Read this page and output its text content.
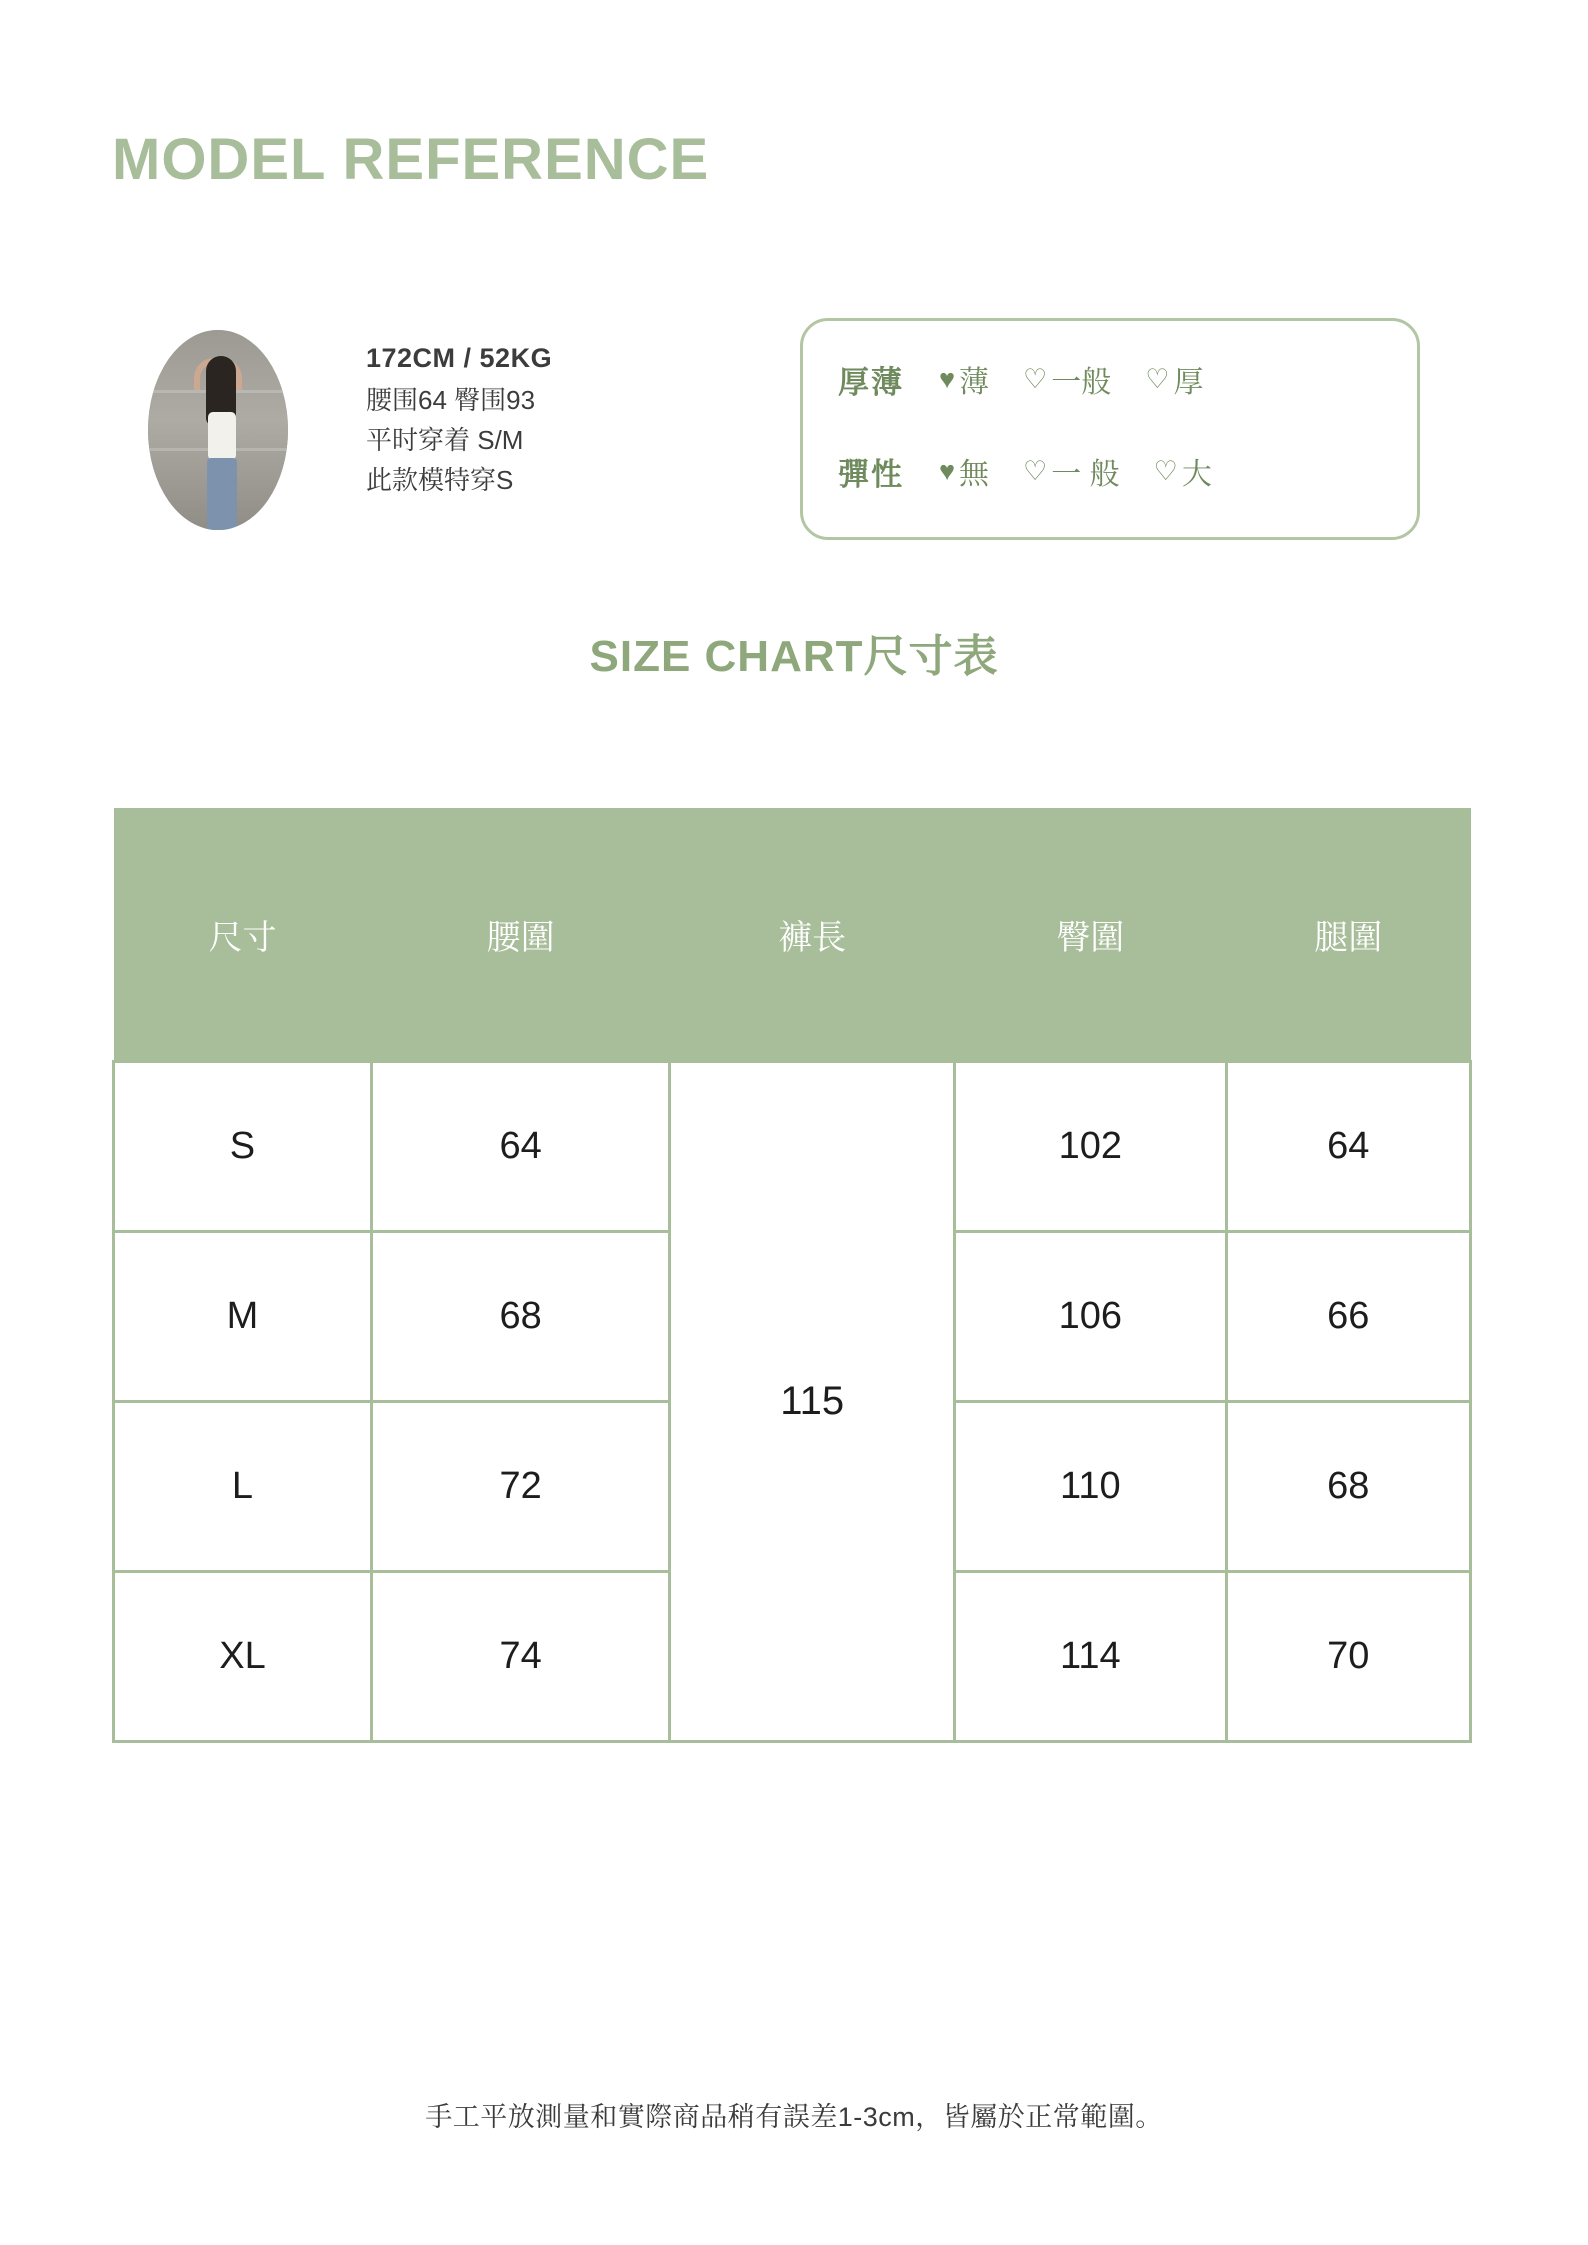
MODEL REFERENCE
172CM / 52KG
腰围64 臀围93
平时穿着 S/M
此款模特穿S
厚薄	♥ 薄 ♡ 一般 ♡ 厚
彈性	♥ 無 ♡ 一 般 ♡ 大
SIZE CHART尺寸表
尺寸	腰圍	褲長	臀圍	腿圍
S	64	115	102	64
M	68		106	66
L	72		110	68
XL	74		114	70
手工平放測量和實際商品稍有誤差1-3cm，皆屬於正常範圍。
